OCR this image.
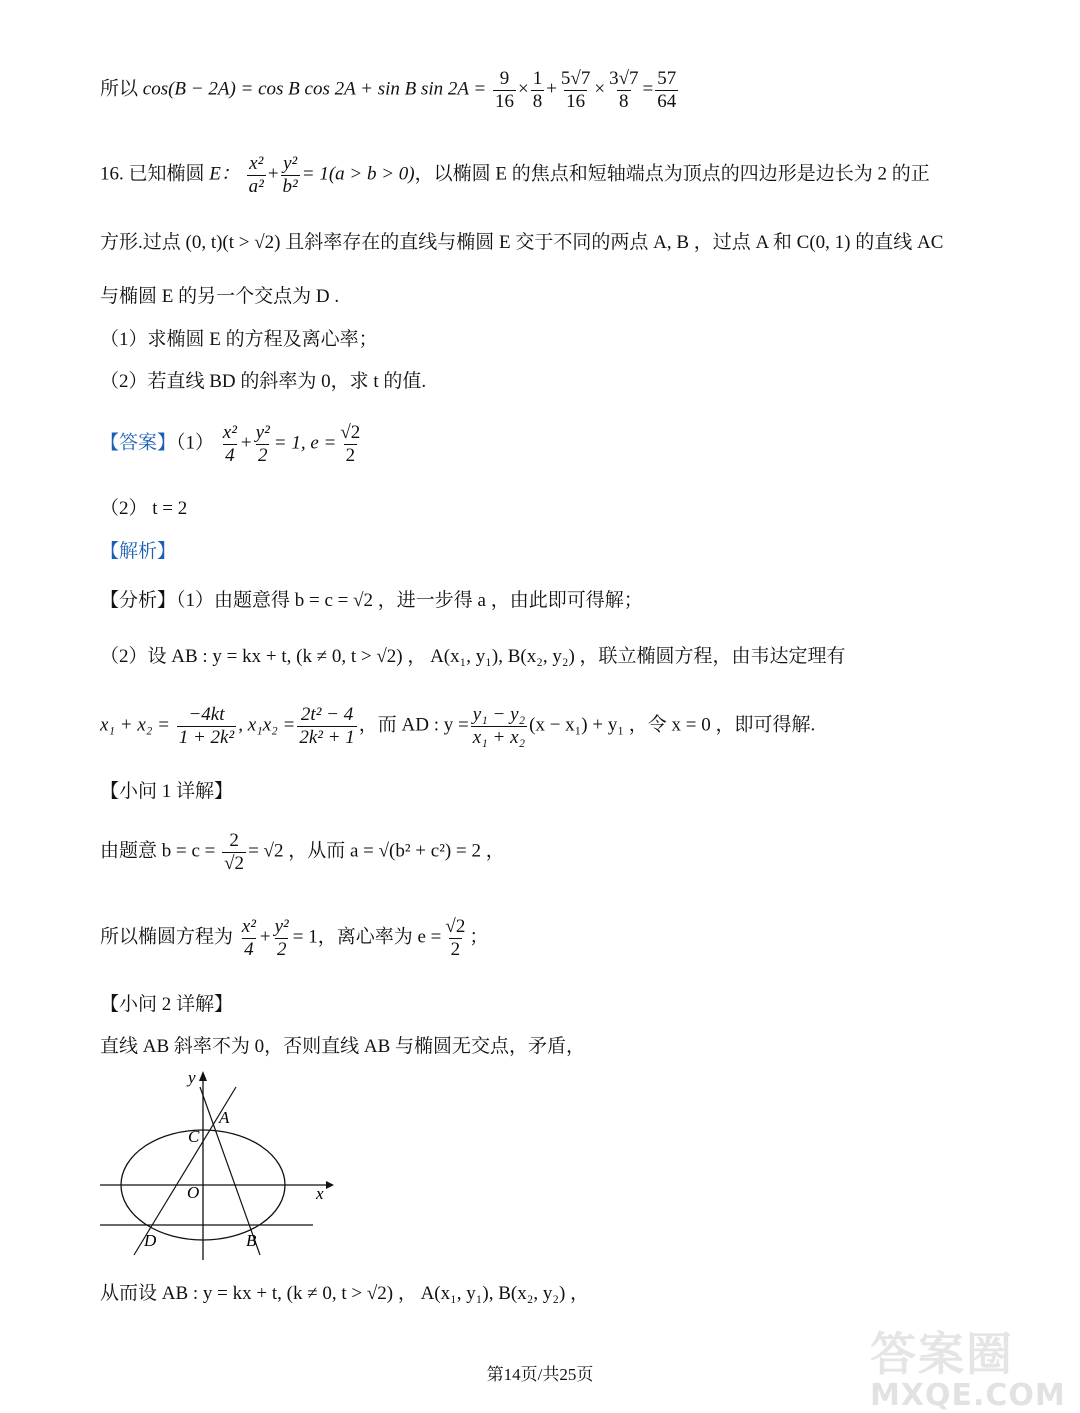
所以 cos(B − 2A) = cos B cos 2A + sin B $\sin 2A = \frac{9}{16} \times \frac{1}{8} + \frac{5√7}{16} \times \frac{3√7}{8} = \frac{57}{64}$
16. 已知椭圆 E： $\frac{\text{x²}}{\text{a²}} + \frac{\text{y²}}{\text{b²}} = 1(a > b > 0)$，以椭圆 E 的焦点和短轴端点为顶点的四边形是边长为 2 的正
方形.过点 (0, t)(t > √2) 且斜率存在的直线与椭圆 E 交于不同的两点 A, B ，过点 A 和 C(0, 1) 的直线 AC
与椭圆 E 的另一个交点为 D .
（1）求椭圆 E 的方程及离心率；
（2）若直线 BD 的斜率为 0，求 t 的值.
【答案】$(1) \frac{\text{x²}}{4} + \frac{\text{y²}}{2} = 1$, $e = \frac{√2}{2}$
（2） t = 2
【解析】
【分析】（1）由题意得 b = c = √2 ，进一步得 a ，由此即可得解；
（2）设 AB : y = kx + t, (k ≠ 0, t > √2) ， A(x₁, y₁), B(x₂, y₂) ，联立椭圆方程，由韦达定理有
$x_1 + x_2 = \frac{-4kt}{\text{1 + 2k²}}$ , $x_1x_2 = \frac{\text{2t² − 4}}{\text{2k² + 1}}$ ，而 AD : $y = \frac{\text{y₁ − y₂}}{\text{x₁ + x₂}} (x - x_1) + y_1$ ，令 x = 0 ，即可得解.
【小问 1 详解】
由题意 $b = c = \frac{2}{√2} = √2$ ，从而 a = √(b² + c²) = 2 ，
所以椭圆方程为 $\frac{\text{x²}}{4} + \frac{\text{y²}}{2} = 1$，离心率为 $e = \frac{√2}{2}$ ；
【小问 2 详解】
直线 AB 斜率不为 0，否则直线 AB 与椭圆无交点，矛盾，
y
x
A
C
O
D	B
从而设 AB : y = kx + t, (k ≠ 0, t > √2) ， A(x₁, y₁), B(x₂, y₂) ，
第14页/共25页	答案圈
MXQE.COM
